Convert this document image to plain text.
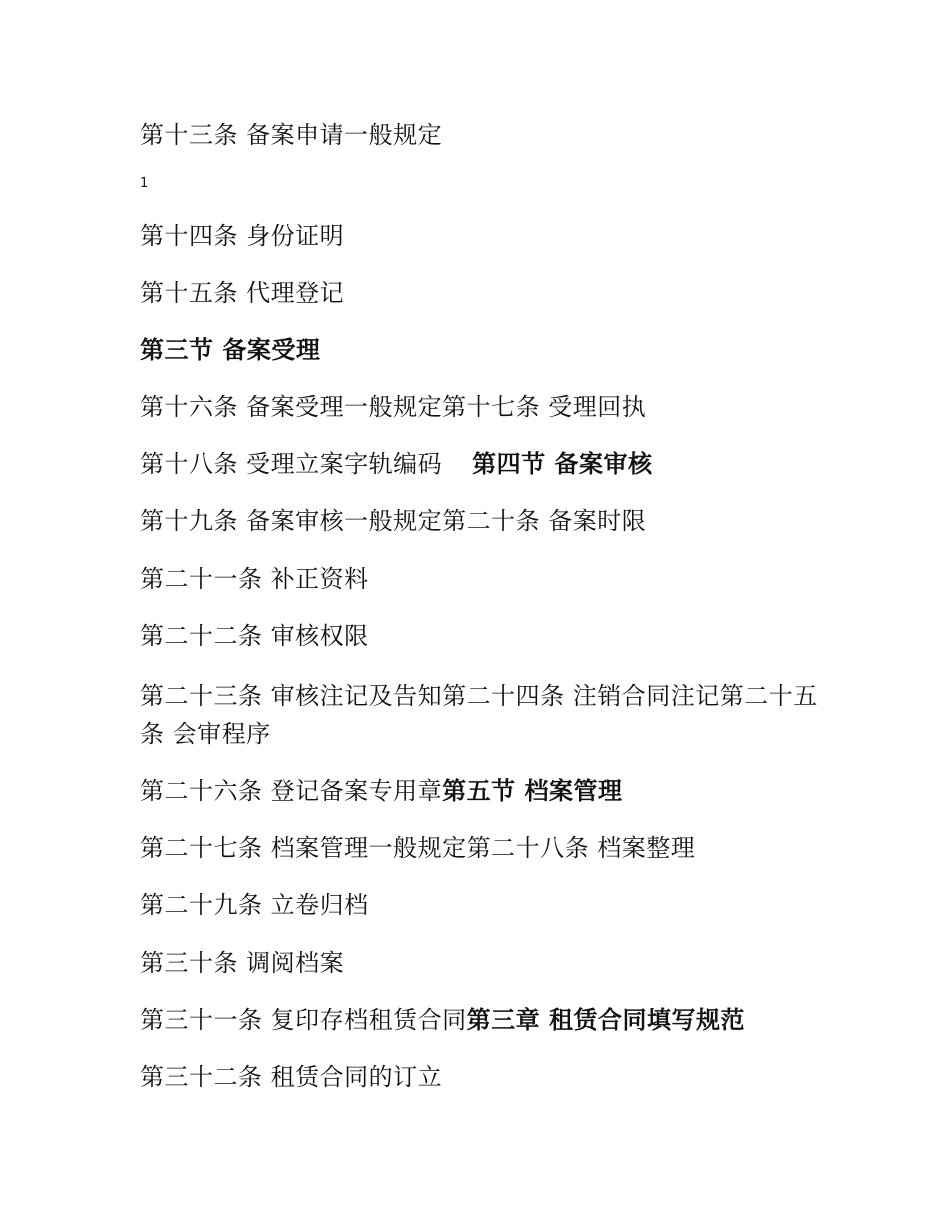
第十三条 备案申请一般规定
1
第十四条 身份证明
第十五条 代理登记
第三节 备案受理
第十六条 备案受理一般规定第十七条 受理回执
第十八条 受理立案字轨编码 第四节 备案审核
第十九条 备案审核一般规定第二十条 备案时限
第二十一条 补正资料
第二十二条 审核权限
第二十三条 审核注记及告知第二十四条 注销合同注记第二十五条 会审程序
第二十六条 登记备案专用章第五节 档案管理
第二十七条 档案管理一般规定第二十八条 档案整理
第二十九条 立卷归档
第三十条 调阅档案
第三十一条 复印存档租赁合同第三章 租赁合同填写规范
第三十二条 租赁合同的订立
